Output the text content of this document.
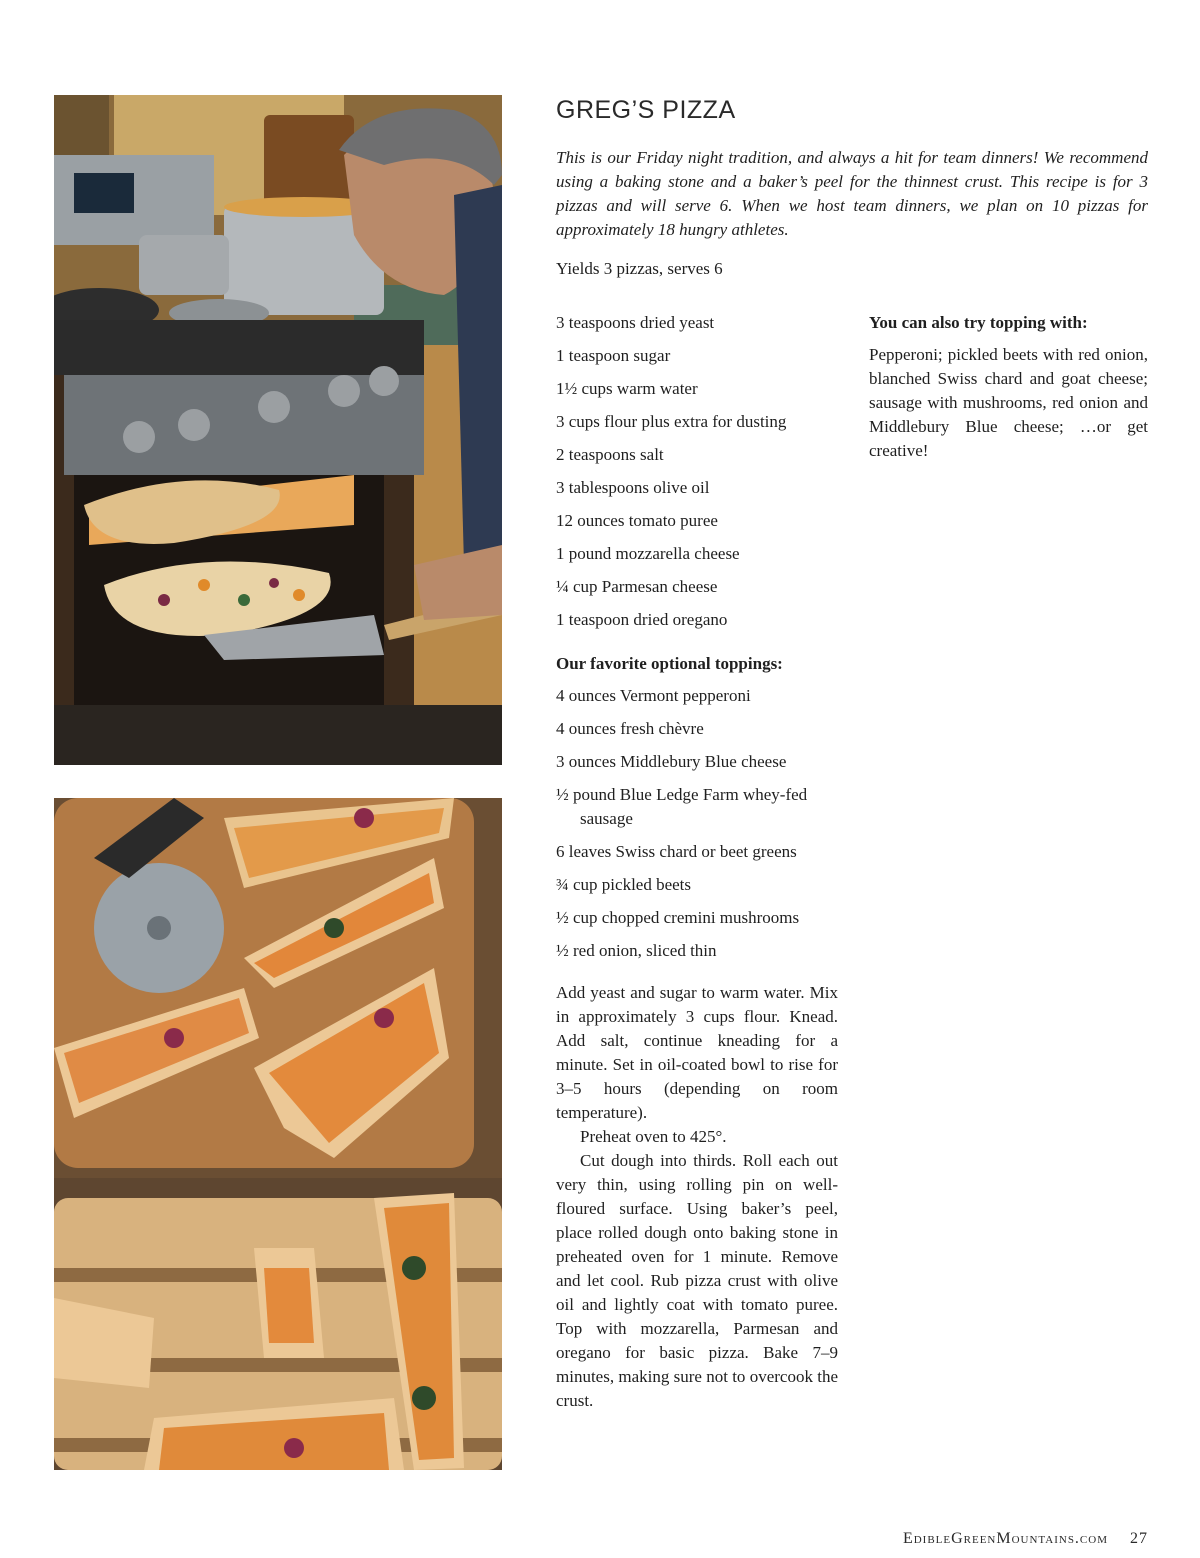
GREG’S PIZZA

This is our Friday night tradition, and always a hit for team dinners! We recommend using a baking stone and a baker’s peel for the thinnest crust. This recipe is for 3 pizzas and will serve 6. When we host team dinners, we plan on 10 pizzas for approximately 18 hungry athletes.

Yields 3 pizzas, serves 6

3 teaspoons dried yeast
1 teaspoon sugar
1½ cups warm water
3 cups flour plus extra for dusting
2 teaspoons salt
3 tablespoons olive oil
12 ounces tomato puree
1 pound mozzarella cheese
¼ cup Parmesan cheese
1 teaspoon dried oregano
Our favorite optional toppings:
4 ounces Vermont pepperoni
4 ounces fresh chèvre
3 ounces Middlebury Blue cheese
½ pound Blue Ledge Farm whey-fed sausage
6 leaves Swiss chard or beet greens
¾ cup pickled beets
½ cup chopped cremini mushrooms
½ red onion, sliced thin

Add yeast and sugar to warm water. Mix in approximately 3 cups flour. Knead. Add salt, continue kneading for a minute. Set in oil-coated bowl to rise for 3–5 hours (depending on room temperature).

Preheat oven to 425°.

Cut dough into thirds. Roll each out very thin, using rolling pin on well-floured surface. Using baker’s peel, place rolled dough onto baking stone in preheated oven for 1 minute. Remove and let cool. Rub pizza crust with olive oil and lightly coat with tomato puree. Top with mozzarella, Parmesan and oregano for basic pizza. Bake 7–9 minutes, making sure not to overcook the crust.

You can also try topping with:

Pepperoni; pickled beets with red onion, blanched Swiss chard and goat cheese; sausage with mushrooms, red onion and Middlebury Blue cheese; …or get creative!

EdibleGreenMountains.com 27
